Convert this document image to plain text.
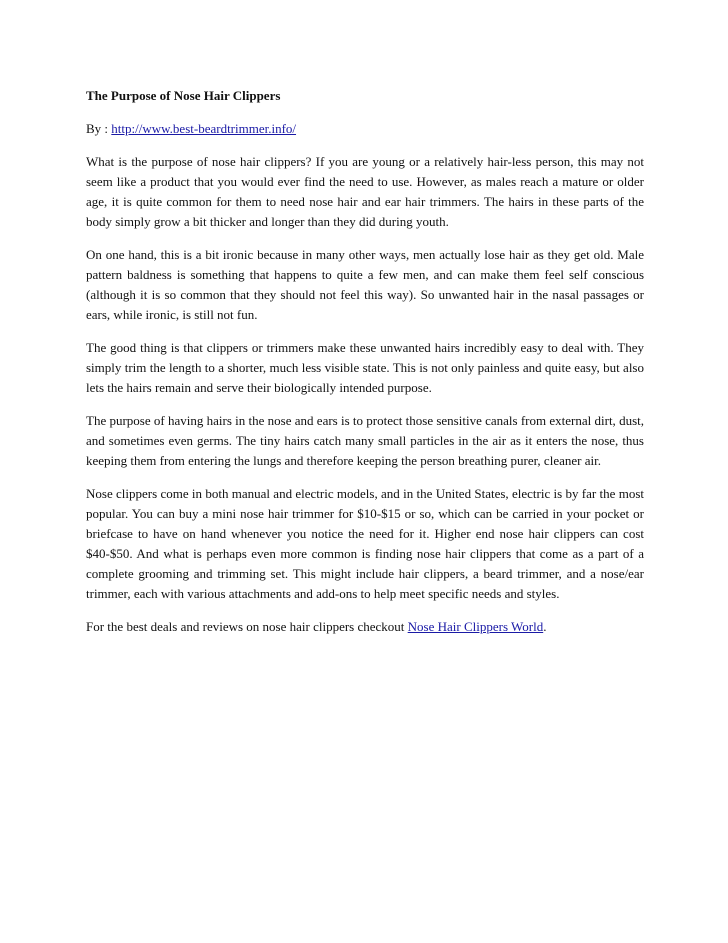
The Purpose of Nose Hair Clippers
By : http://www.best-beardtrimmer.info/

What is the purpose of nose hair clippers? If you are young or a relatively hair-less person, this may not seem like a product that you would ever find the need to use. However, as males reach a mature or older age, it is quite common for them to need nose hair and ear hair trimmers. The hairs in these parts of the body simply grow a bit thicker and longer than they did during youth.

On one hand, this is a bit ironic because in many other ways, men actually lose hair as they get old. Male pattern baldness is something that happens to quite a few men, and can make them feel self conscious (although it is so common that they should not feel this way). So unwanted hair in the nasal passages or ears, while ironic, is still not fun.

The good thing is that clippers or trimmers make these unwanted hairs incredibly easy to deal with. They simply trim the length to a shorter, much less visible state. This is not only painless and quite easy, but also lets the hairs remain and serve their biologically intended purpose.

The purpose of having hairs in the nose and ears is to protect those sensitive canals from external dirt, dust, and sometimes even germs. The tiny hairs catch many small particles in the air as it enters the nose, thus keeping them from entering the lungs and therefore keeping the person breathing purer, cleaner air.

Nose clippers come in both manual and electric models, and in the United States, electric is by far the most popular. You can buy a mini nose hair trimmer for $10-$15 or so, which can be carried in your pocket or briefcase to have on hand whenever you notice the need for it. Higher end nose hair clippers can cost $40-$50. And what is perhaps even more common is finding nose hair clippers that come as a part of a complete grooming and trimming set. This might include hair clippers, a beard trimmer, and a nose/ear trimmer, each with various attachments and add-ons to help meet specific needs and styles.

For the best deals and reviews on nose hair clippers checkout Nose Hair Clippers World.
